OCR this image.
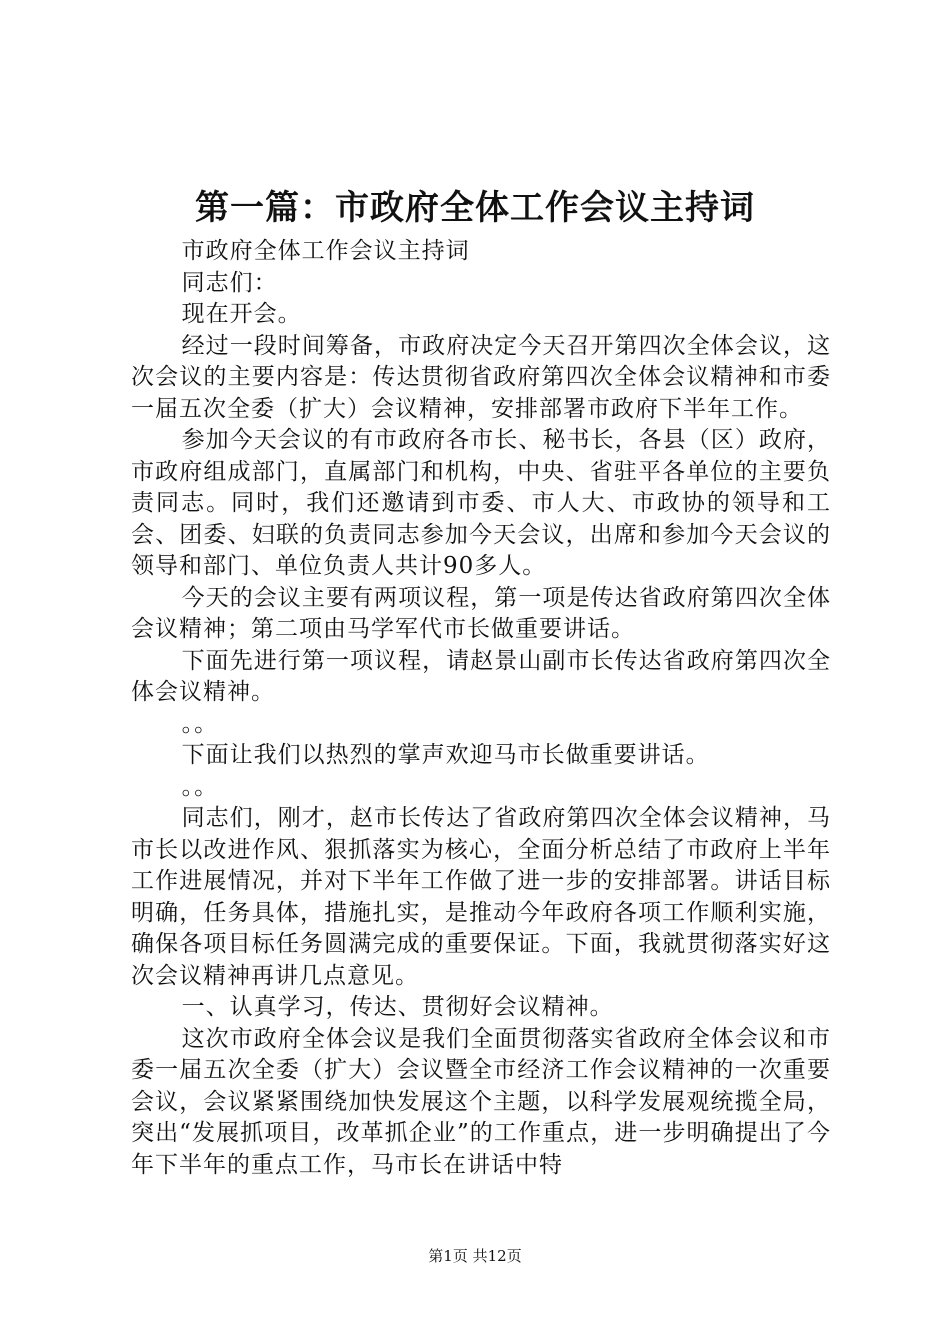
第一篇：市政府全体工作会议主持词

市政府全体工作会议主持词

同志们：

现在开会。

经过一段时间筹备，市政府决定今天召开第四次全体会议，这次会议的主要内容是：传达贯彻省政府第四次全体会议精神和市委一届五次全委（扩大）会议精神，安排部署市政府下半年工作。

参加今天会议的有市政府各市长、秘书长，各县（区）政府，市政府组成部门，直属部门和机构，中央、省驻平各单位的主要负责同志。同时，我们还邀请到市委、市人大、市政协的领导和工会、团委、妇联的负责同志参加今天会议，出席和参加今天会议的领导和部门、单位负责人共计90多人。

今天的会议主要有两项议程，第一项是传达省政府第四次全体会议精神；第二项由马学军代市长做重要讲话。

下面先进行第一项议程，请赵景山副市长传达省政府第四次全体会议精神。

。。

下面让我们以热烈的掌声欢迎马市长做重要讲话。

。。

同志们，刚才，赵市长传达了省政府第四次全体会议精神，马市长以改进作风、狠抓落实为核心，全面分析总结了市政府上半年工作进展情况，并对下半年工作做了进一步的安排部署。讲话目标明确，任务具体，措施扎实，是推动今年政府各项工作顺利实施，确保各项目标任务圆满完成的重要保证。下面，我就贯彻落实好这次会议精神再讲几点意见。

一、认真学习，传达、贯彻好会议精神。

这次市政府全体会议是我们全面贯彻落实省政府全体会议和市委一届五次全委（扩大）会议暨全市经济工作会议精神的一次重要会议，会议紧紧围绕加快发展这个主题，以科学发展观统揽全局，突出“发展抓项目，改革抓企业”的工作重点，进一步明确提出了今年下半年的重点工作，马市长在讲话中特

第1页 共12页
